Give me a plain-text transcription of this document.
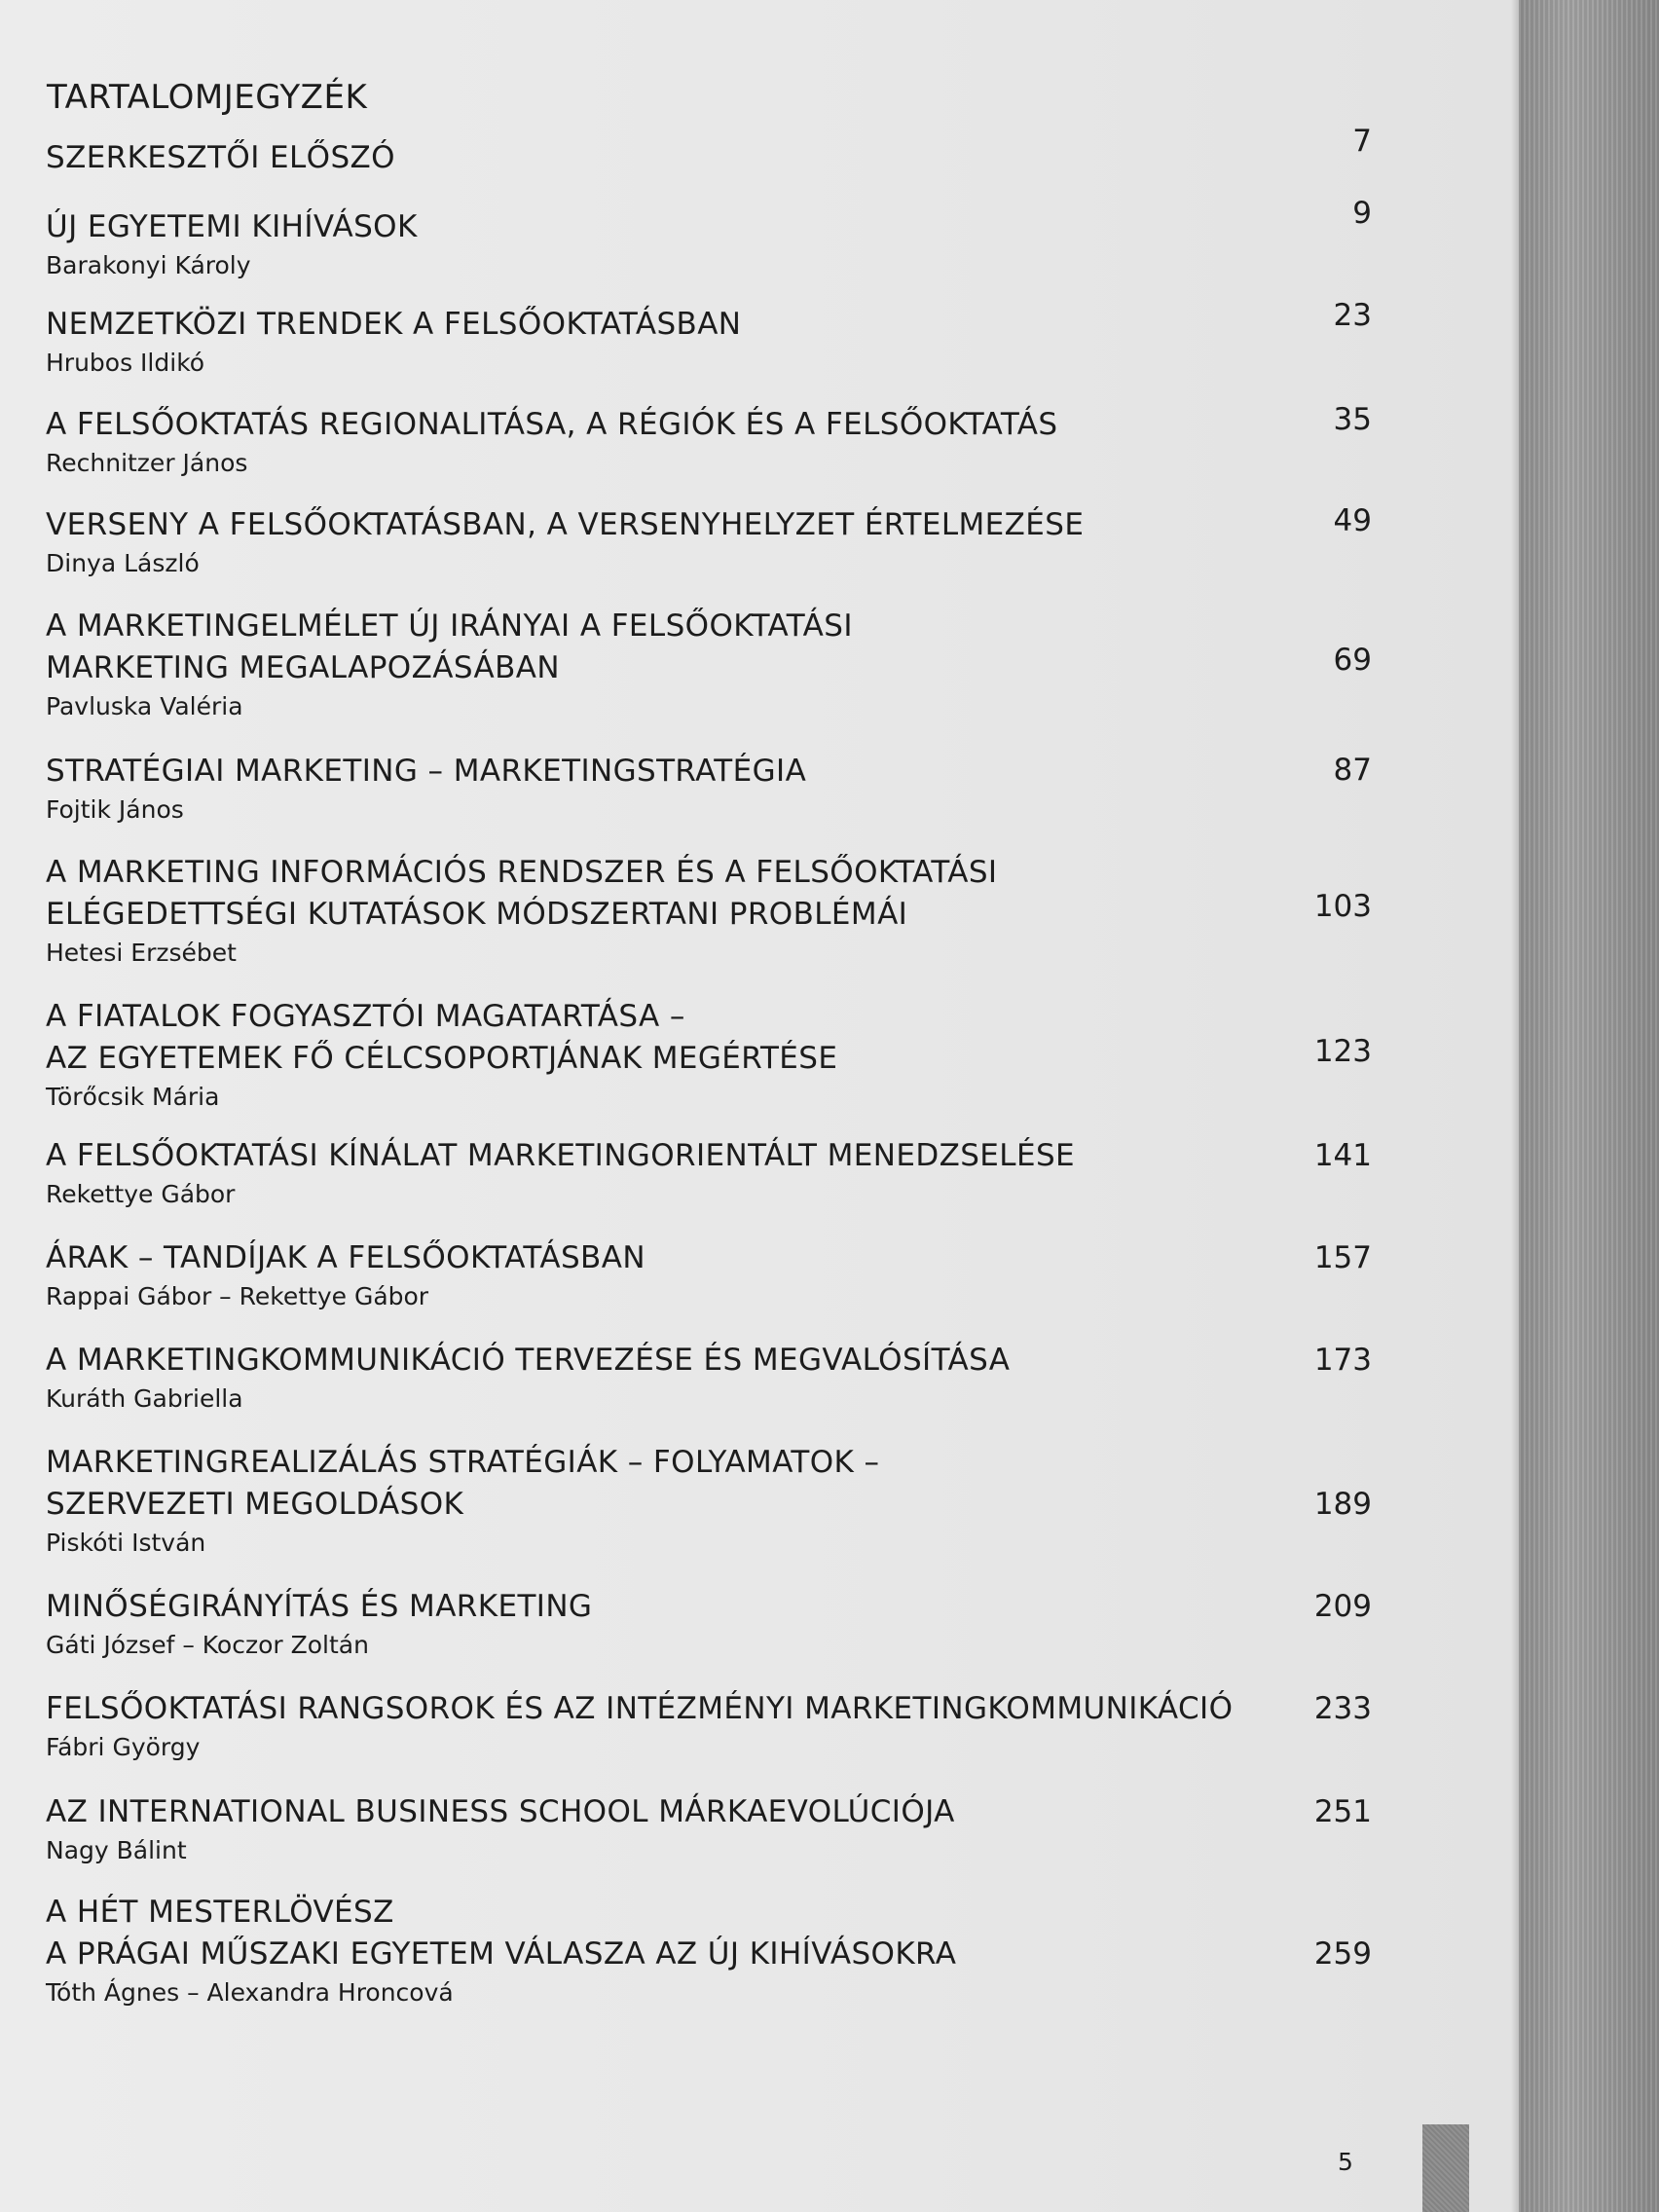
TARTALOMJEGYZÉK
SZERKESZTŐI ELŐSZÓ	7
ÚJ EGYETEMI KIHÍVÁSOK
Barakonyi Károly
9
NEMZETKÖZI TRENDEK A FELSŐOKTATÁSBAN
Hrubos Ildikó
23
A FELSŐOKTATÁS REGIONALITÁSA, A RÉGIÓK ÉS A FELSŐOKTATÁS
Rechnitzer János
35
VERSENY A FELSŐOKTATÁSBAN, A VERSENYHELYZET ÉRTELMEZÉSE
Dinya László
49
A MARKETINGELMÉLET ÚJ IRÁNYAI A FELSŐOKTATÁSI
MARKETING MEGALAPOZÁSÁBAN
Pavluska Valéria
69
STRATÉGIAI MARKETING – MARKETINGSTRATÉGIA
Fojtik János
87
A MARKETING INFORMÁCIÓS RENDSZER ÉS A FELSŐOKTATÁSI
ELÉGEDETTSÉGI KUTATÁSOK MÓDSZERTANI PROBLÉMÁI
Hetesi Erzsébet
103
A FIATALOK FOGYASZTÓI MAGATARTÁSA –
AZ EGYETEMEK FŐ CÉLCSOPORTJÁNAK MEGÉRTÉSE
Törőcsik Mária
123
A FELSŐOKTATÁSI KÍNÁLAT MARKETINGORIENTÁLT MENEDZSELÉSE
Rekettye Gábor
141
ÁRAK – TANDÍJAK A FELSŐOKTATÁSBAN
Rappai Gábor – Rekettye Gábor
157
A MARKETINGKOMMUNIKÁCIÓ TERVEZÉSE ÉS MEGVALÓSÍTÁSA
Kuráth Gabriella
173
MARKETINGREALIZÁLÁS STRATÉGIÁK – FOLYAMATOK –
SZERVEZETI MEGOLDÁSOK
Piskóti István
189
MINŐSÉGIRÁNYÍTÁS ÉS MARKETING
Gáti József – Koczor Zoltán
209
FELSŐOKTATÁSI RANGSOROK ÉS AZ INTÉZMÉNYI MARKETINGKOMMUNIKÁCIÓ
Fábri György
233
AZ INTERNATIONAL BUSINESS SCHOOL MÁRKAEVOLÚCIÓJA
Nagy Bálint
251
A HÉT MESTERLÖVÉSZ
A PRÁGAI MŰSZAKI EGYETEM VÁLASZA AZ ÚJ KIHÍVÁSOKRA
Tóth Ágnes – Alexandra Hroncová
259
5
